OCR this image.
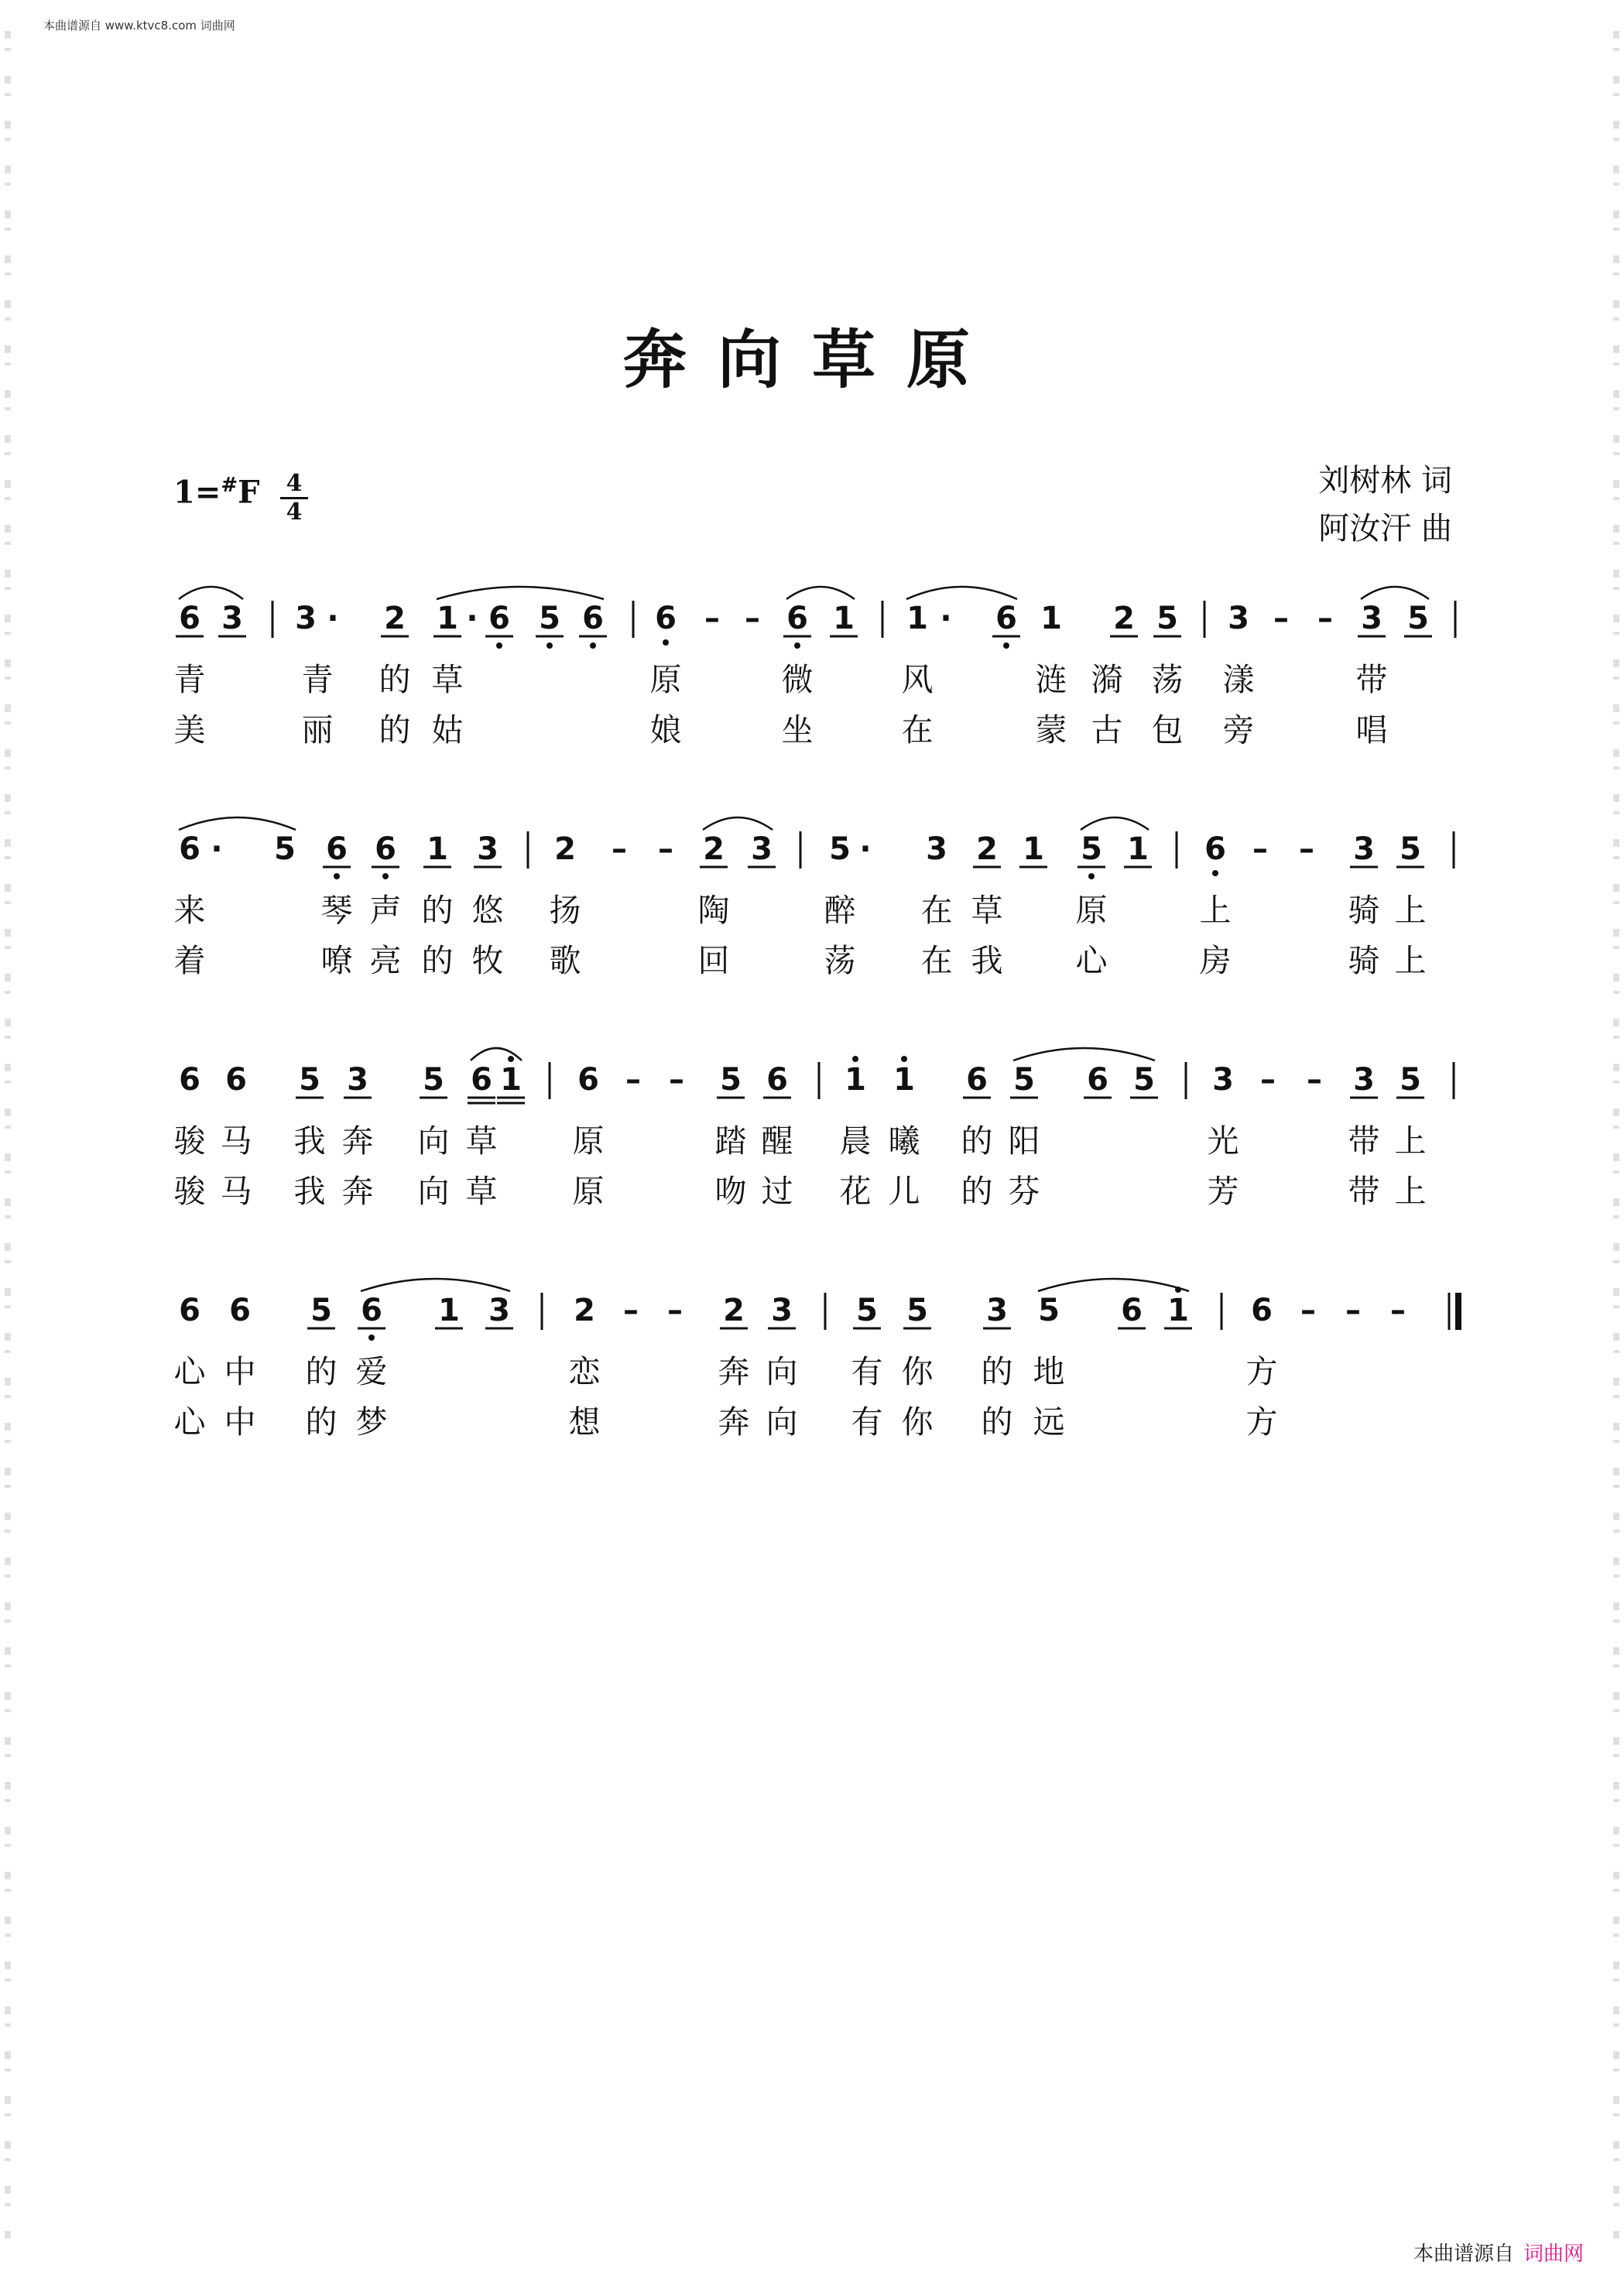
本曲谱源自 www.ktvc8.com 词曲网
奔向草原
1=#F 4
4
刘树林 词
阿汝汗 曲
6 3 3 · 2 1 · 6 5 6 6 – – 6 1 1 · 6 1 2 5 3 – – 3 5
青	青 的 草	原	微	风	涟 漪 荡 漾	带
美	丽 的 姑	娘	坐	在	蒙 古 包 旁	唱
6 · 5 6 6 1 3 2 – – 2 3 5 · 3 2 1 5 1 6 – – 3 5
来	琴 声 的 悠 扬	陶	醉 在 草 原	上	骑 上
着	嘹 亮 的 牧 歌	回	荡 在 我 心	房	骑 上
6 6 5 3 5 6 1 6 – – 5 6 1 1 6 5 6 5 3 – – 3 5
骏 马 我 奔 向 草 原	踏 醒 晨 曦 的 阳	光	带 上
骏 马 我 奔 向 草 原	吻 过 花 儿 的 芬	芳	带 上
6 6 5 6 1 3 2 – – 2 3 5 5 3 5 6 1 6 – – –
心 中 的 爱	恋	奔 向 有 你 的 地	方
心 中 的 梦	想	奔 向 有 你 的 远	方
本曲谱源自 词曲网
